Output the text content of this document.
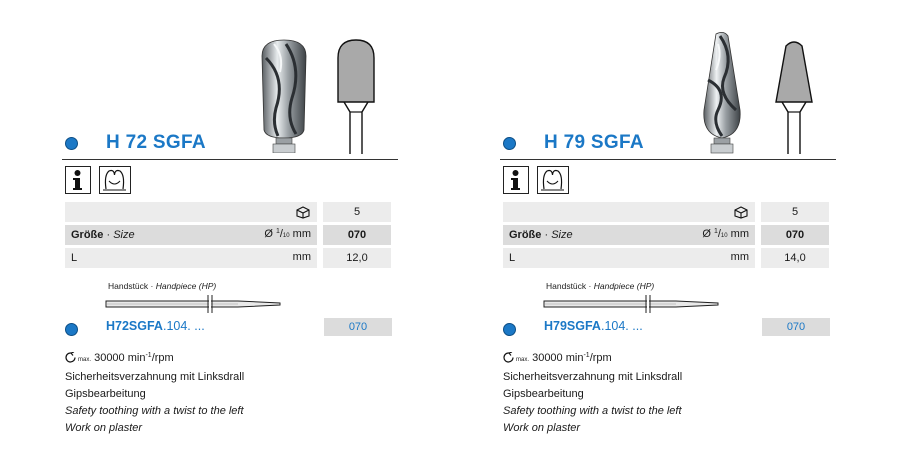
H 72 SGFA
5
Größe · Size	Ø $^1$/10 mm	070
L	mm	12,0
Handstück · Handpiece (HP)
H72SGFA.104. ...	070
max. 30000 $\min^{-1}$/rpm
Sicherheitsverzahnung mit Linksdrall
Gipsbearbeitung
Safety toothing with a twist to the left
Work on plaster
H 79 SGFA
5
Größe · Size	Ø $^1$/10 mm	070
L	mm	14,0
Handstück · Handpiece (HP)
H79SGFA.104. ...	070
max. 30000 $\min^{-1}$/rpm
Sicherheitsverzahnung mit Linksdrall
Gipsbearbeitung
Safety toothing with a twist to the left
Work on plaster
